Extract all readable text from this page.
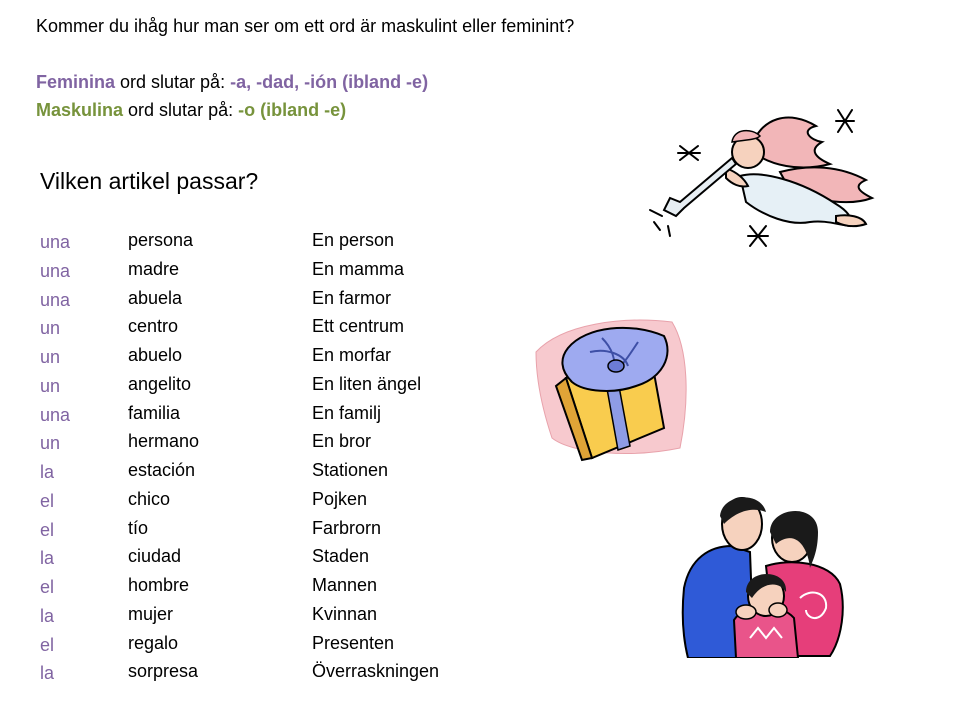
Kommer du ihåg hur man ser om ett ord är maskulint eller feminint?
Feminina ord slutar på: -a, -dad, -ión (ibland -e)
Maskulina ord slutar på: -o (ibland -e)
Vilken artikel passar?
una
una
una
un
un
un
una
un
la
el
el
la
el
la
el
la
persona
madre
abuela
centro
abuelo
angelito
familia
hermano
estación
chico
tío
ciudad
hombre
mujer
regalo
sorpresa
En person
En mamma
En farmor
Ett centrum
En morfar
En liten ängel
En familj
En bror
Stationen
Pojken
Farbrorn
Staden
Mannen
Kvinnan
Presenten
Överraskningen
